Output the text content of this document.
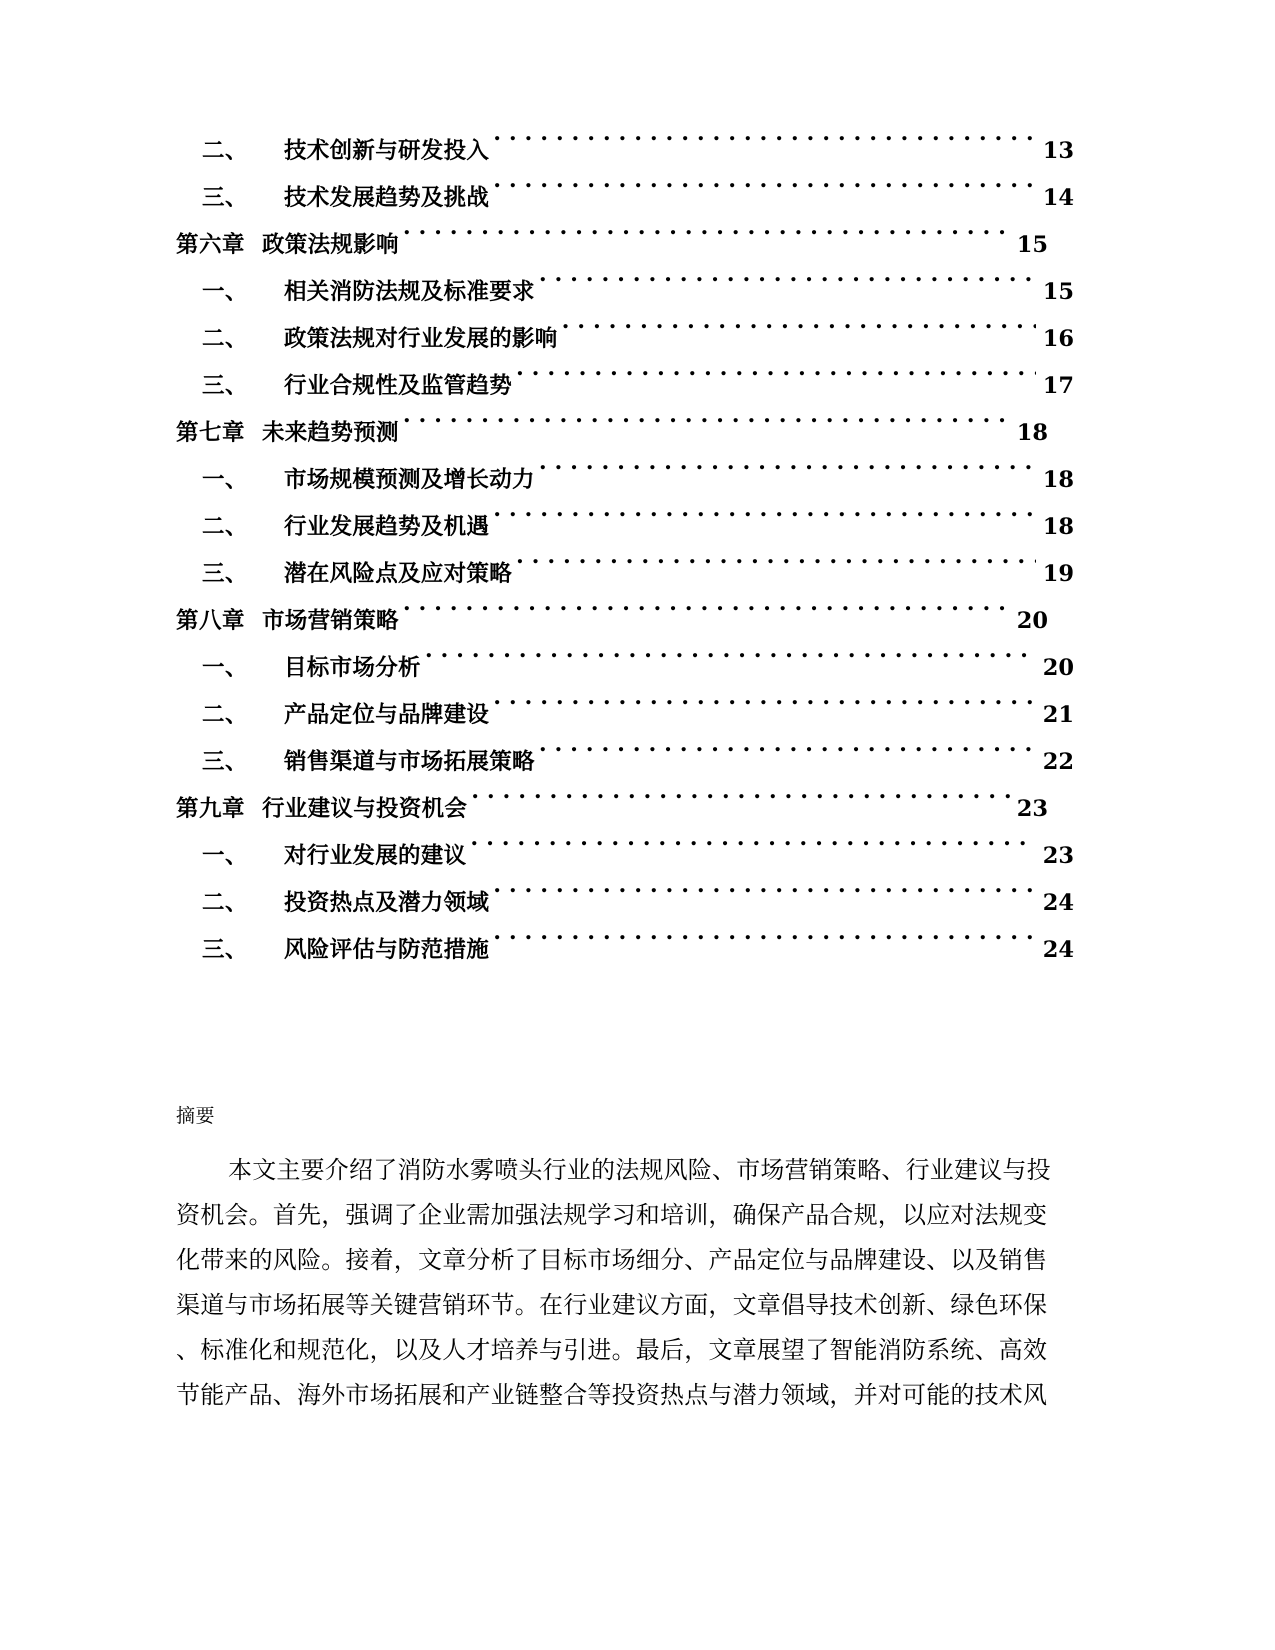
二、	技术创新与研发投入 . . .	13
三、	技术发展趋势及挑战 . . .	14
第六章 政策法规影响 . . .	15
一、	相关消防法规及标准要求 . . .	15
二、	政策法规对行业发展的影响 . . .	16
三、	行业合规性及监管趋势 . . .	17
第七章 未来趋势预测 . . .	18
一、	市场规模预测及增长动力 . . .	18
二、	行业发展趋势及机遇 . . .	18
三、	潜在风险点及应对策略 . . .	19
第八章 市场营销策略 . . .	20
一、	目标市场分析 . . .	20
二、	产品定位与品牌建设 . . .	21
三、	销售渠道与市场拓展策略 . . .	22
第九章 行业建议与投资机会 . . .	23
一、	对行业发展的建议 . . .	23
二、	投资热点及潜力领域 . . .	24
三、	风险评估与防范措施 . . .	24
摘要
本文主要介绍了消防水雾喷头行业的法规风险、市场营销策略、行业建议与投
资机会。首先，强调了企业需加强法规学习和培训，确保产品合规，以应对法规变
化带来的风险。接着，文章分析了目标市场细分、产品定位与品牌建设、以及销售
渠道与市场拓展等关键营销环节。在行业建议方面，文章倡导技术创新、绿色环保
、标准化和规范化，以及人才培养与引进。最后，文章展望了智能消防系统、高效
节能产品、海外市场拓展和产业链整合等投资热点与潜力领域，并对可能的技术风
